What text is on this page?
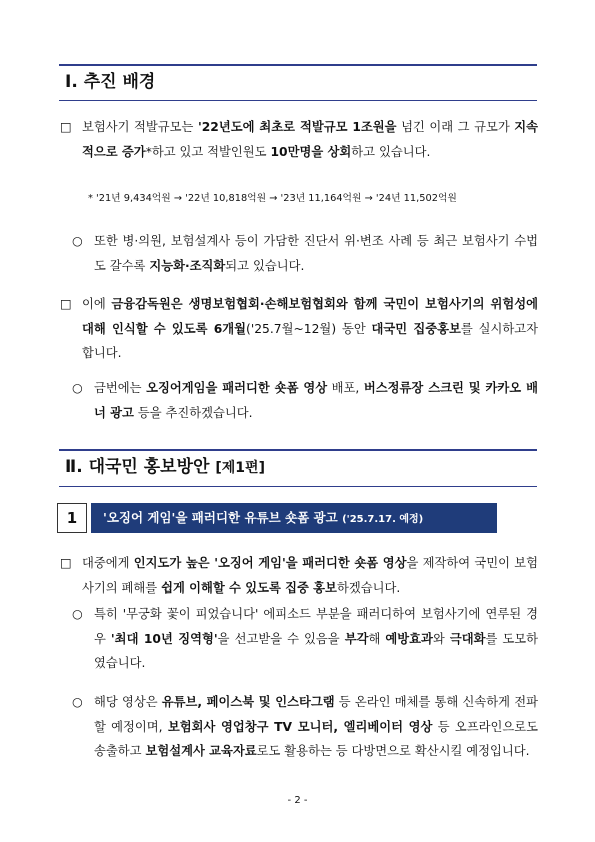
Ⅰ. 추진 배경
□ 보험사기 적발규모는 '22년도에 최초로 적발규모 1조원을 넘긴 이래 그 규모가 지속적으로 증가*하고 있고 적발인원도 10만명을 상회하고 있습니다.
* '21년 9,434억원 → '22년 10,818억원 → '23년 11,164억원 → '24년 11,502억원
○ 또한 병·의원, 보험설계사 등이 가담한 진단서 위·변조 사례 등 최근 보험사기 수법도 갈수록 지능화·조직화되고 있습니다.
□ 이에 금융감독원은 생명보험협회·손해보험협회와 함께 국민이 보험사기의 위험성에 대해 인식할 수 있도록 6개월('25.7월~12월) 동안 대국민 집중홍보를 실시하고자 합니다.
○ 금번에는 오징어게임을 패러디한 숏폼 영상 배포, 버스정류장 스크린 및 카카오 배너 광고 등을 추진하겠습니다.
Ⅱ. 대국민 홍보방안 [제1편]
1	'오징어 게임'을 패러디한 유튜브 숏폼 광고 ('25.7.17. 예정)
□ 대중에게 인지도가 높은 '오징어 게임'을 패러디한 숏폼 영상을 제작하여 국민이 보험사기의 폐해를 쉽게 이해할 수 있도록 집중 홍보하겠습니다.
○ 특히 '무궁화 꽃이 피었습니다' 에피소드 부분을 패러디하여 보험사기에 연루된 경우 '최대 10년 징역형'을 선고받을 수 있음을 부각해 예방효과와 극대화를 도모하였습니다.
○ 해당 영상은 유튜브, 페이스북 및 인스타그램 등 온라인 매체를 통해 신속하게 전파할 예정이며, 보험회사 영업창구 TV 모니터, 엘리베이터 영상 등 오프라인으로도 송출하고 보험설계사 교육자료로도 활용하는 등 다방면으로 확산시킬 예정입니다.
- 2 -
